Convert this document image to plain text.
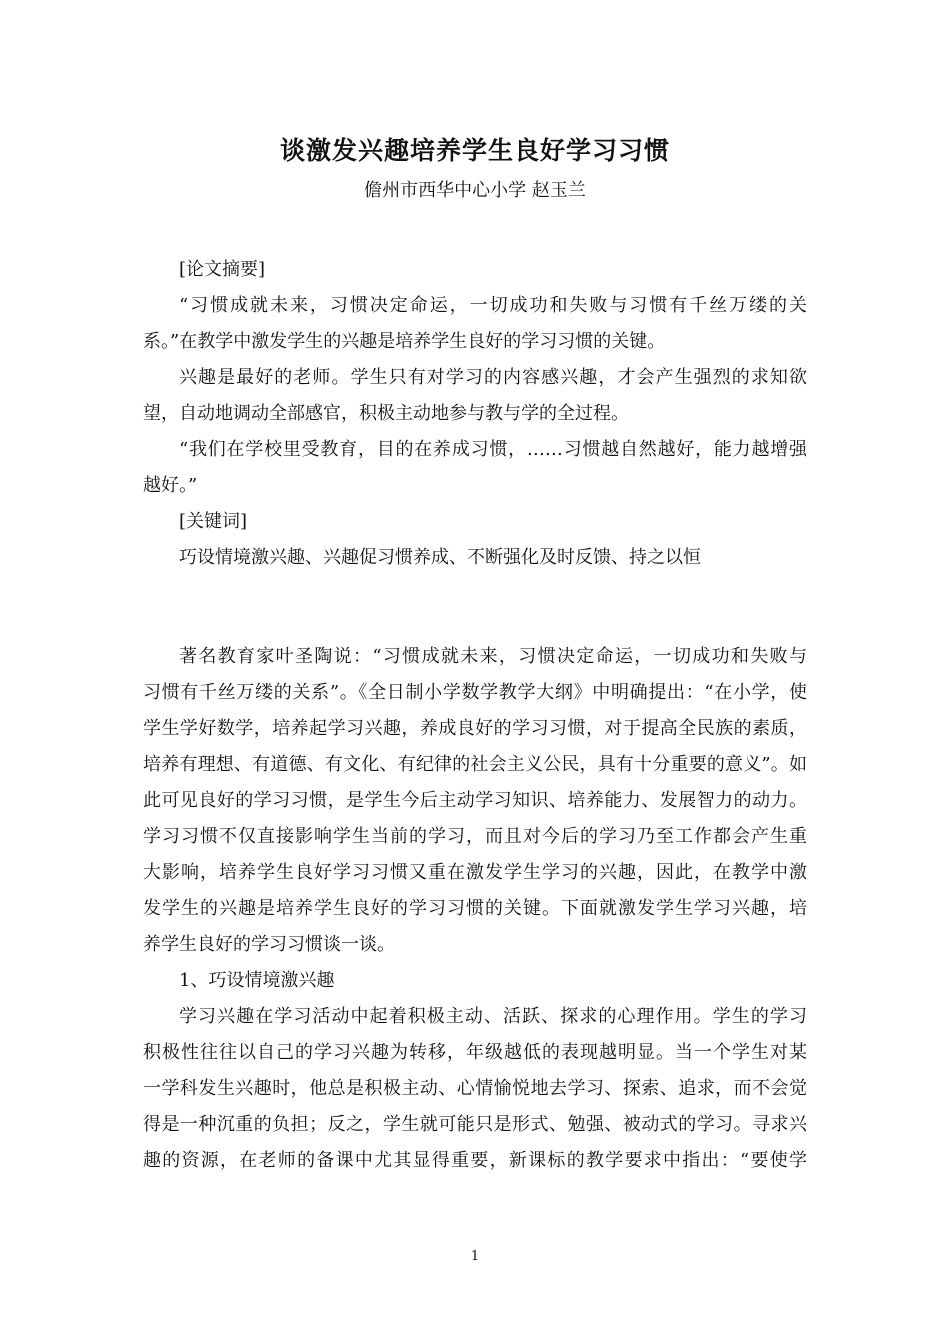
谈激发兴趣培养学生良好学习习惯
儋州市西华中心小学 赵玉兰
[论文摘要]
“习惯成就未来，习惯决定命运，一切成功和失败与习惯有千丝万缕的关
系。”在教学中激发学生的兴趣是培养学生良好的学习习惯的关键。
兴趣是最好的老师。学生只有对学习的内容感兴趣，才会产生强烈的求知欲
望，自动地调动全部感官，积极主动地参与教与学的全过程。
“我们在学校里受教育，目的在养成习惯，……习惯越自然越好，能力越增强
越好。”
[关键词]
巧设情境激兴趣、兴趣促习惯养成、不断强化及时反馈、持之以恒
著名教育家叶圣陶说：“习惯成就未来，习惯决定命运，一切成功和失败与
习惯有千丝万缕的关系”。《全日制小学数学教学大纲》中明确提出：“在小学，使
学生学好数学，培养起学习兴趣，养成良好的学习习惯，对于提高全民族的素质，
培养有理想、有道德、有文化、有纪律的社会主义公民，具有十分重要的意义”。如
此可见良好的学习习惯，是学生今后主动学习知识、培养能力、发展智力的动力。
学习习惯不仅直接影响学生当前的学习，而且对今后的学习乃至工作都会产生重
大影响，培养学生良好学习习惯又重在激发学生学习的兴趣，因此，在教学中激
发学生的兴趣是培养学生良好的学习习惯的关键。下面就激发学生学习兴趣，培
养学生良好的学习习惯谈一谈。
1、巧设情境激兴趣
学习兴趣在学习活动中起着积极主动、活跃、探求的心理作用。学生的学习
积极性往往以自己的学习兴趣为转移，年级越低的表现越明显。当一个学生对某
一学科发生兴趣时，他总是积极主动、心情愉悦地去学习、探索、追求，而不会觉
得是一种沉重的负担；反之，学生就可能只是形式、勉强、被动式的学习。寻求兴
趣的资源，在老师的备课中尤其显得重要，新课标的教学要求中指出：“要使学
1
